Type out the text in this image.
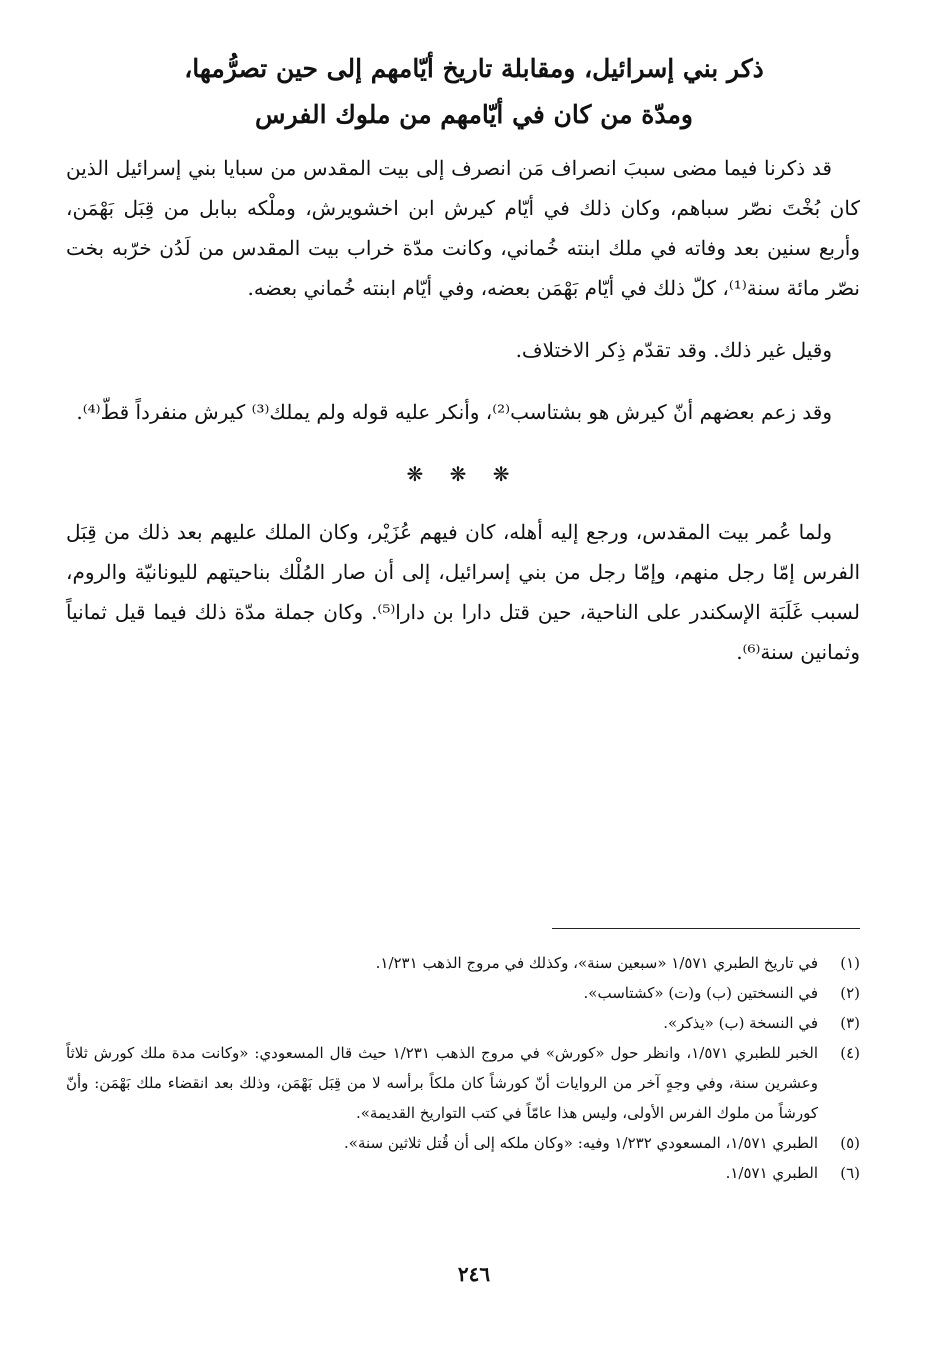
ذكر بني إسرائيل، ومقابلة تاريخ أيّامهم إلى حين تصرُّمها،
ومدّة من كان في أيّامهم من ملوك الفرس

قد ذكرنا فيما مضى سببَ انصراف مَن انصرف إلى بيت المقدس من سبايا بني إسرائيل الذين كان بُخْتَ نصّر سباهم، وكان ذلك في أيّام كيرش ابن اخشويرش، وملْكه ببابل من قِبَل بَهْمَن، وأربع سنين بعد وفاته في ملك ابنته خُماني، وكانت مدّة خراب بيت المقدس من لَدُن خرّبه بخت نصّر مائة سنة⁽¹⁾، كلّ ذلك في أيّام بَهْمَن بعضه، وفي أيّام ابنته خُماني بعضه.

وقيل غير ذلك. وقد تقدّم ذِكر الاختلاف.

وقد زعم بعضهم أنّ كيرش هو بشتاسب⁽²⁾، وأنكر عليه قوله ولم يملك⁽³⁾ كيرش منفرداً قطّ⁽⁴⁾.

❋ ❋ ❋

ولما عُمر بيت المقدس، ورجع إليه أهله، كان فيهم عُزَيْر، وكان الملك عليهم بعد ذلك من قِبَل الفرس إمّا رجل منهم، وإمّا رجل من بني إسرائيل، إلى أن صار المُلْك بناحيتهم لليونانيّة والروم، لسبب غَلَبَة الإسكندر على الناحية، حين قتل دارا بن دارا⁽⁵⁾. وكان جملة مدّة ذلك فيما قيل ثمانياً وثمانين سنة⁽⁶⁾.

(١)
في تاريخ الطبري ١/٥٧١ «سبعين سنة»، وكذلك في مروج الذهب ١/٢٣١.
(٢)
في النسختين (ب) و(ت) «كشتاسب».
(٣)
في النسخة (ب) «يذكر».
(٤)
الخبر للطبري ١/٥٧١، وانظر حول «كورش» في مروج الذهب ١/٢٣١ حيث قال المسعودي: «وكانت مدة ملك كورش ثلاثاً وعشرين سنة، وفي وجهٍ آخر من الروايات أنّ كورشاً كان ملكاً برأسه لا من قِبَل بَهْمَن، وذلك بعد انقضاء ملك بَهْمَن: وأنّ كورشاً من ملوك الفرس الأولى، وليس هذا عامّاً في كتب التواريخ القديمة».
(٥)
الطبري ١/٥٧١، المسعودي ١/٢٣٢ وفيه: «وكان ملكه إلى أن قُتل ثلاثين سنة».
(٦)
الطبري ١/٥٧١.
٢٤٦
